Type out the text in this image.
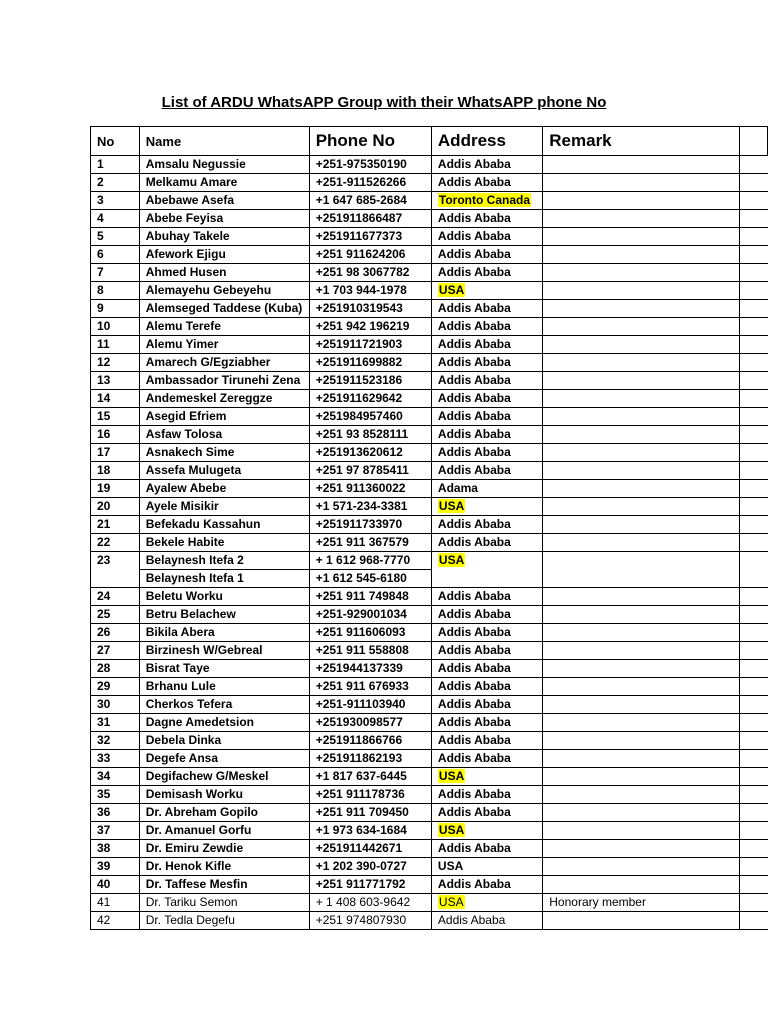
List of ARDU WhatsAPP Group with their WhatsAPP phone No
No	Name	Phone No	Address	Remark	
1	Amsalu Negussie	+251-975350190	Addis Ababa		
2	Melkamu Amare	+251-911526266	Addis Ababa		
3	Abebawe Asefa	+1 647 685-2684	Toronto Canada		
4	Abebe Feyisa	+251911866487	Addis Ababa		
5	Abuhay Takele	+251911677373	Addis Ababa		
6	Afework Ejigu	+251 911624206	Addis Ababa		
7	Ahmed Husen	+251 98 3067782	Addis Ababa		
8	Alemayehu Gebeyehu	+1 703 944-1978	USA		
9	Alemseged Taddese (Kuba)	+251910319543	Addis Ababa		
10	Alemu Terefe	+251 942 196219	Addis Ababa		
11	Alemu Yimer	+251911721903	Addis Ababa		
12	Amarech G/Egziabher	+251911699882	Addis Ababa		
13	Ambassador Tirunehi Zena	+251911523186	Addis Ababa		
14	Andemeskel Zereggze	+251911629642	Addis Ababa		
15	Asegid Efriem	+251984957460	Addis Ababa		
16	Asfaw Tolosa	+251 93 8528111	Addis Ababa		
17	Asnakech Sime	+251913620612	Addis Ababa		
18	Assefa Mulugeta	+251 97 8785411	Addis Ababa		
19	Ayalew Abebe	+251 911360022	Adama		
20	Ayele Misikir	+1 571-234-3381	USA		
21	Befekadu Kassahun	+251911733970	Addis Ababa		
22	Bekele Habite	+251 911 367579	Addis Ababa		
23	Belaynesh Itefa 2	+ 1 612 968-7770	USA		
	Belaynesh Itefa 1	+1 612 545-6180			
24	Beletu Worku	+251 911 749848	Addis Ababa		
25	Betru Belachew	+251-929001034	Addis Ababa		
26	Bikila Abera	+251 911606093	Addis Ababa		
27	Birzinesh W/Gebreal	+251 911 558808	Addis Ababa		
28	Bisrat Taye	+251944137339	Addis Ababa		
29	Brhanu Lule	+251 911 676933	Addis Ababa		
30	Cherkos Tefera	+251-911103940	Addis Ababa		
31	Dagne Amedetsion	+251930098577	Addis Ababa		
32	Debela Dinka	+251911866766	Addis Ababa		
33	Degefe Ansa	+251911862193	Addis Ababa		
34	Degifachew G/Meskel	+1 817 637-6445	USA		
35	Demisash Worku	+251 911178736	Addis Ababa		
36	Dr. Abreham Gopilo	+251 911 709450	Addis Ababa		
37	Dr. Amanuel Gorfu	+1 973 634-1684	USA		
38	Dr. Emiru Zewdie	+251911442671	Addis Ababa		
39	Dr. Henok Kifle	+1 202 390-0727	USA		
40	Dr. Taffese Mesfin	+251 911771792	Addis Ababa		
41	Dr. Tariku Semon	+ 1 408 603-9642	USA	Honorary member	
42	Dr. Tedla Degefu	+251 974807930	Addis Ababa		
